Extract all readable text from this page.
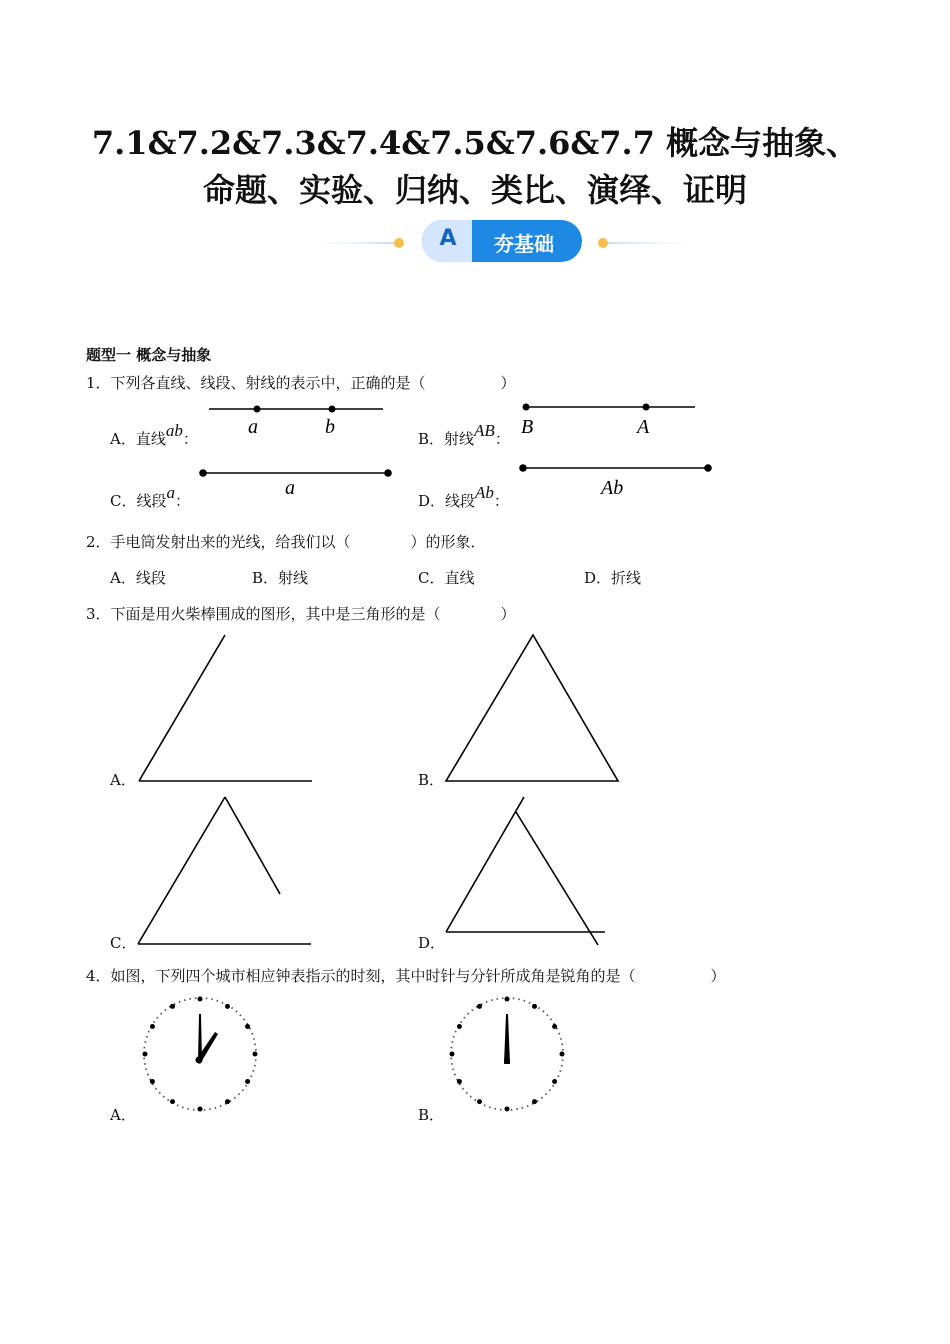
7.1&7.2&7.3&7.4&7.5&7.6&7.7 概念与抽象、
命题、实验、归纳、类比、演绎、证明
A	夯基础
题型一 概念与抽象
1．下列各直线、线段、射线的表示中，正确的是（　　　　　）
A．直线ab：
a	b
B．射线AB：
B	A
C．线段a：
a
D．线段Ab：
Ab
2．手电筒发射出来的光线，给我们以（　　　　）的形象．
A．线段	B．射线	C．直线	D．折线
3．下面是用火柴棒围成的图形，其中是三角形的是（　　　　）
A．	B．
C．	D．
4．如图，下列四个城市相应钟表指示的时刻，其中时针与分针所成角是锐角的是（　　　　　）
A．	B．
